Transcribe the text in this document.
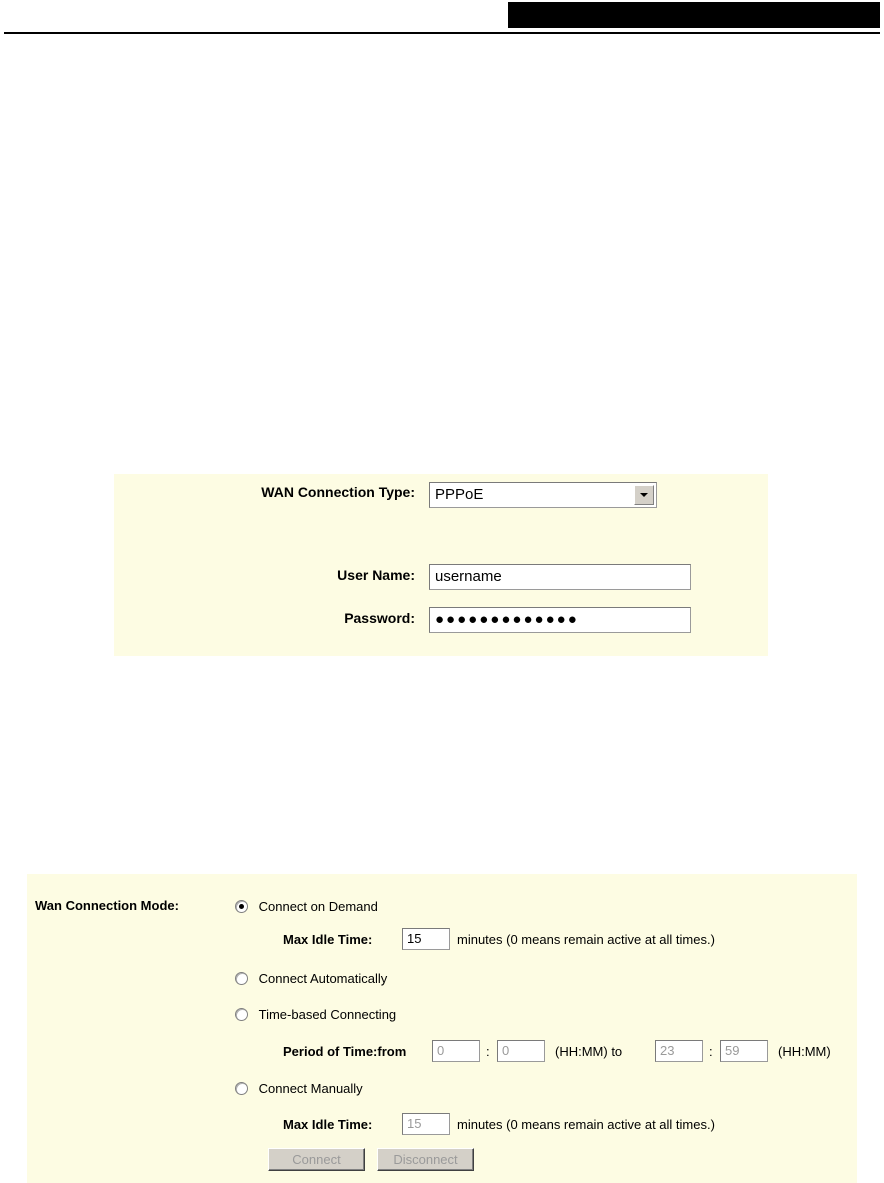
WAN Connection Type:	PPPoE
User Name:	username
Password:	●●●●●●●●●●●●●
Wan Connection Mode:	Connect on Demand
Max Idle Time:	15	minutes (0 means remain active at all times.)
Connect Automatically
Time-based Connecting
Period of Time:from	0	: 0	(HH:MM) to	23	: 59	(HH:MM)
Connect Manually
Max Idle Time:	15	minutes (0 means remain active at all times.)
Connect	Disconnect
